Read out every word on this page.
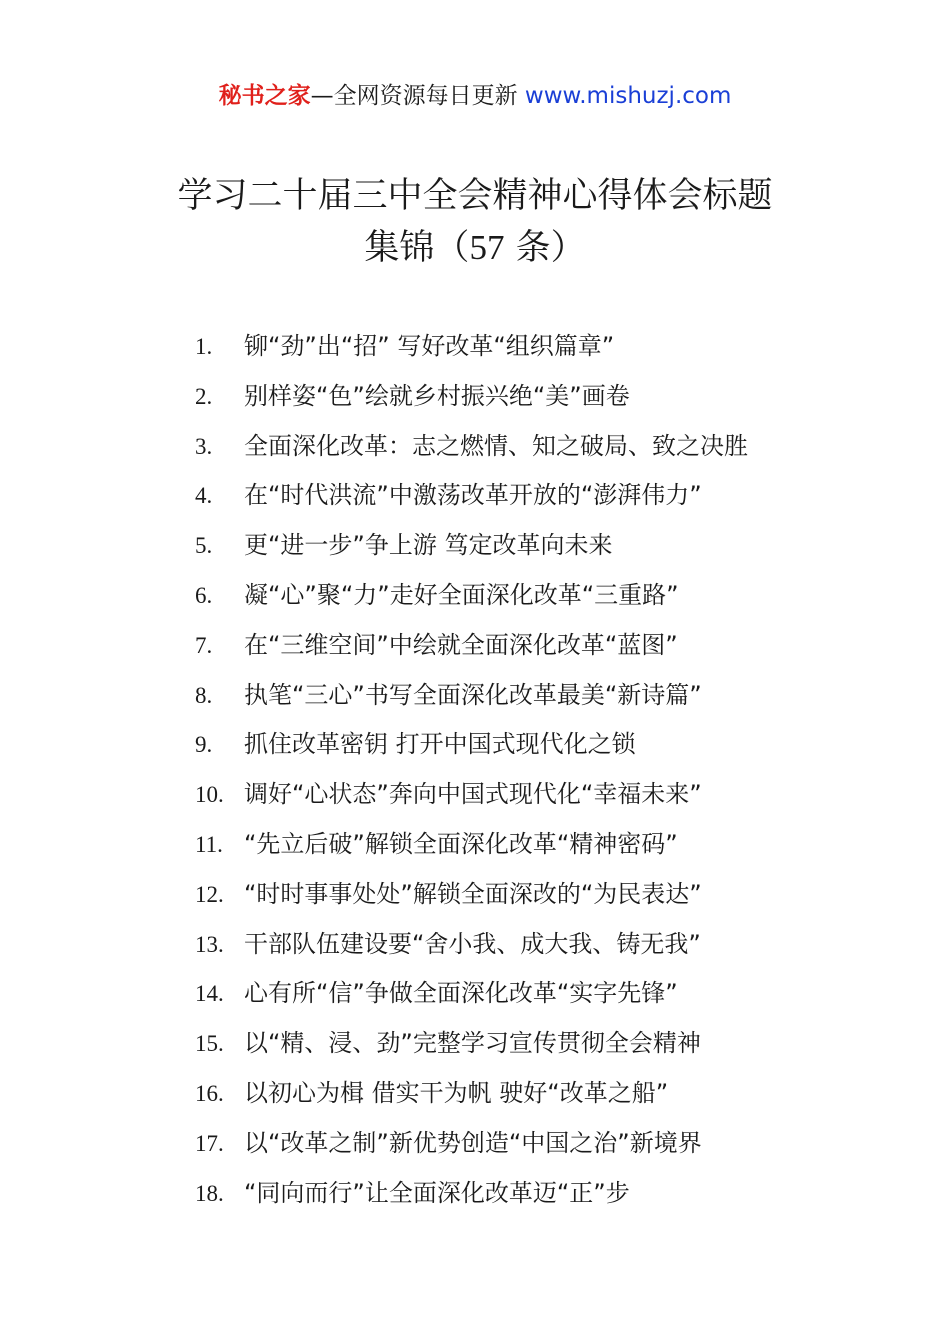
秘书之家—全网资源每日更新 www.mishuzj.com
学习二十届三中全会精神心得体会标题
集锦（57 条）
1. 铆“劲”出“招” 写好改革“组织篇章”
2. 别样姿“色”绘就乡村振兴绝“美”画卷
3. 全面深化改革：志之燃情、知之破局、致之决胜
4. 在“时代洪流”中激荡改革开放的“澎湃伟力”
5. 更“进一步”争上游 笃定改革向未来
6. 凝“心”聚“力”走好全面深化改革“三重路”
7. 在“三维空间”中绘就全面深化改革“蓝图”
8. 执笔“三心”书写全面深化改革最美“新诗篇”
9. 抓住改革密钥 打开中国式现代化之锁
10. 调好“心状态”奔向中国式现代化“幸福未来”
11. “先立后破”解锁全面深化改革“精神密码”
12. “时时事事处处”解锁全面深改的“为民表达”
13. 干部队伍建设要“舍小我、成大我、铸无我”
14. 心有所“信”争做全面深化改革“实字先锋”
15. 以“精、浸、劲”完整学习宣传贯彻全会精神
16. 以初心为楫 借实干为帆 驶好“改革之船”
17. 以“改革之制”新优势创造“中国之治”新境界
18. “同向而行”让全面深化改革迈“正”步
